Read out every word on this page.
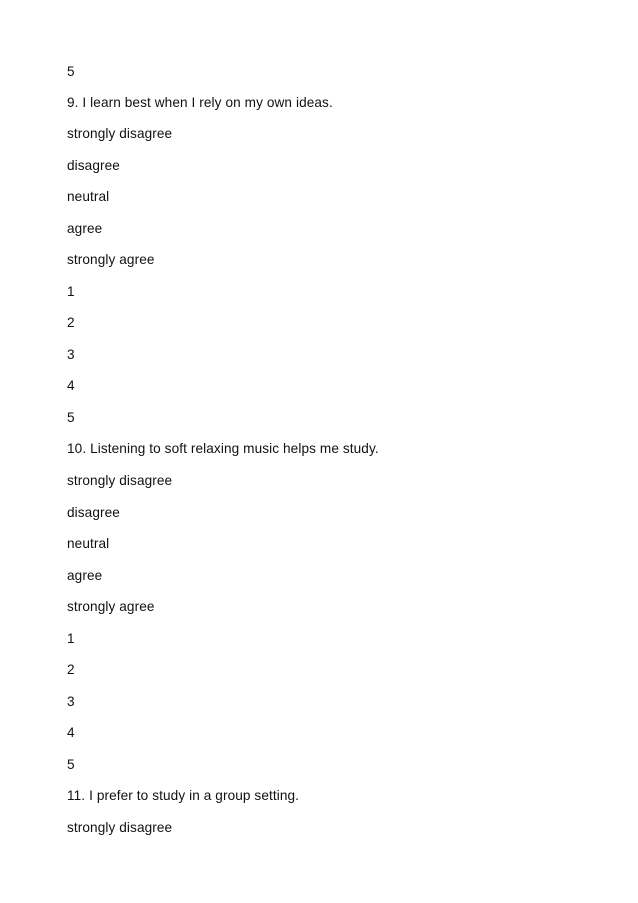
5
9. I learn best when I rely on my own ideas.
strongly disagree
disagree
neutral
agree
strongly agree
1
2
3
4
5
10. Listening to soft relaxing music helps me study.
strongly disagree
disagree
neutral
agree
strongly agree
1
2
3
4
5
11. I prefer to study in a group setting.
strongly disagree
